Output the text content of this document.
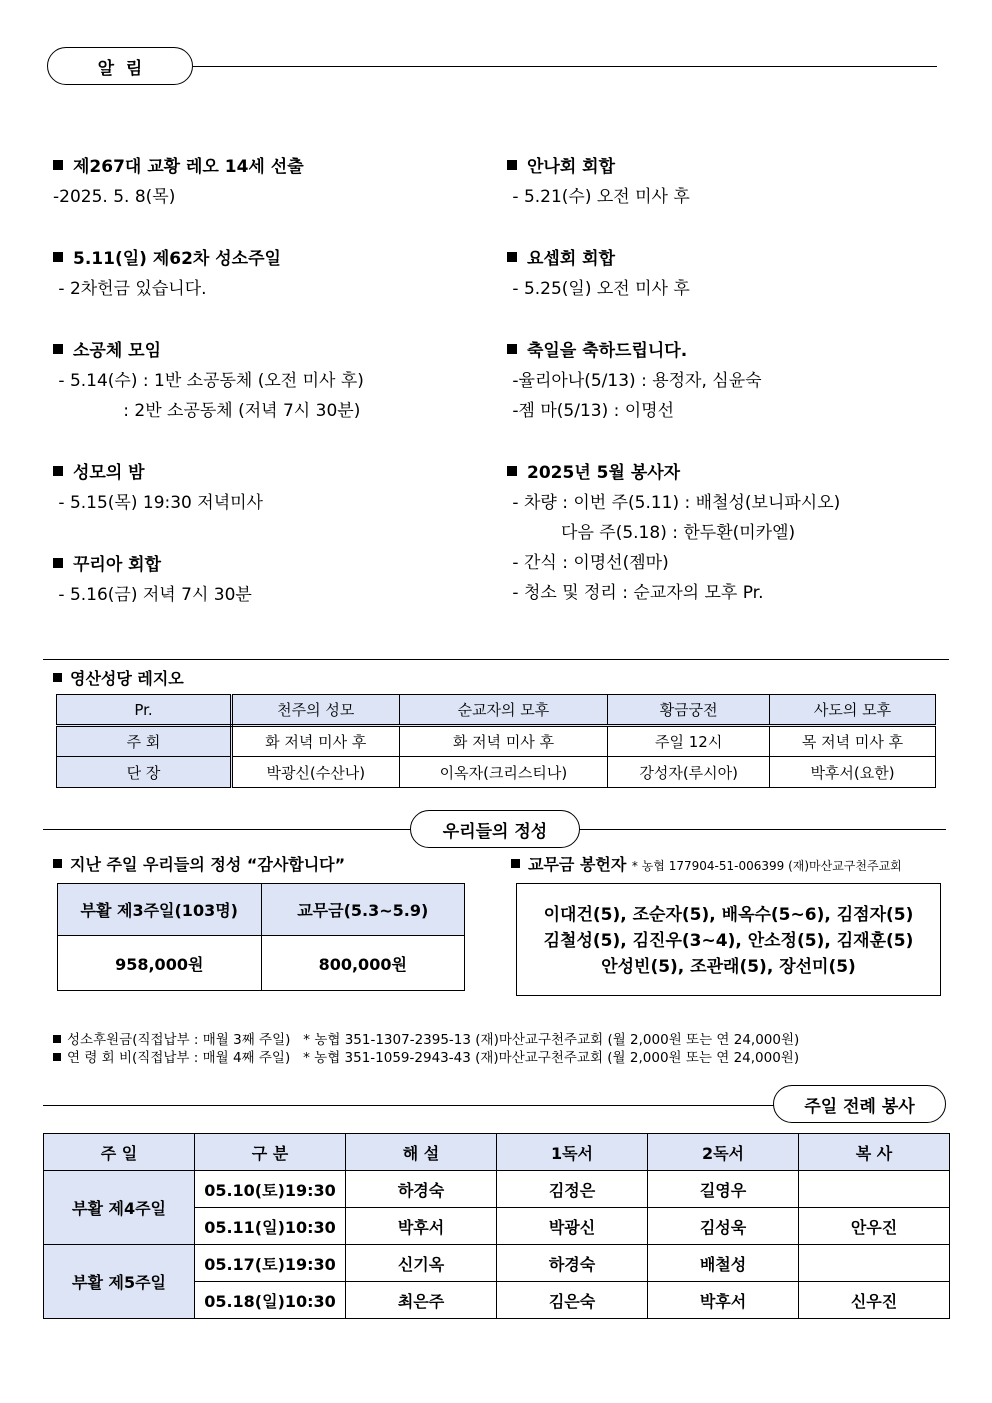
알  림
제267대 교황 레오 14세 선출
-2025. 5. 8(목)
5.11(일) 제62차 성소주일
- 2차헌금 있습니다.
소공체 모임
- 5.14(수) : 1반 소공동체 (오전 미사 후)
: 2반 소공동체 (저녁 7시 30분)
성모의 밤
- 5.15(목) 19:30 저녁미사
꾸리아 회합
- 5.16(금) 저녁 7시 30분
안나회 회합
- 5.21(수) 오전 미사 후
요셉회 회합
- 5.25(일) 오전 미사 후
축일을 축하드립니다.
-율리아나(5/13) : 용정자, 심윤숙
-젬 마(5/13) : 이명선
2025년 5월 봉사자
- 차량 : 이번 주(5.11) : 배철성(보니파시오)
다음 주(5.18) : 한두환(미카엘)
- 간식 : 이명선(젬마)
- 청소 및 정리 : 순교자의 모후 Pr.
영산성당 레지오
Pr.	천주의 성모	순교자의 모후	황금궁전	사도의 모후
주 회	화 저녁 미사 후	화 저녁 미사 후	주일 12시	목 저녁 미사 후
단 장	박광신(수산나)	이옥자(크리스티나)	강성자(루시아)	박후서(요한)
우리들의 정성
지난 주일 우리들의 정성 “감사합니다”	교무금 봉헌자 * 농협 177904-51-006399 (재)마산교구천주교회
부활 제3주일(103명)	교무금(5.3~5.9)
958,000원	800,000원
이대건(5), 조순자(5), 배옥수(5~6), 김점자(5)
김철성(5), 김진우(3~4), 안소정(5), 김재훈(5)
안성빈(5), 조관래(5), 장선미(5)
성소후원금(직접납부 : 매월 3째 주일)   * 농협 351-1307-2395-13 (재)마산교구천주교회 (월 2,000원 또는 연 24,000원)
연 령 회 비(직접납부 : 매월 4째 주일)   * 농협 351-1059-2943-43 (재)마산교구천주교회 (월 2,000원 또는 연 24,000원)
주일 전례 봉사
주 일	구 분	해 설	1독서	2독서	복 사
부활 제4주일	05.10(토)19:30	하경숙	김정은	길영우	
	05.11(일)10:30	박후서	박광신	김성욱	안우진
부활 제5주일	05.17(토)19:30	신기옥	하경숙	배철성	
	05.18(일)10:30	최은주	김은숙	박후서	신우진
